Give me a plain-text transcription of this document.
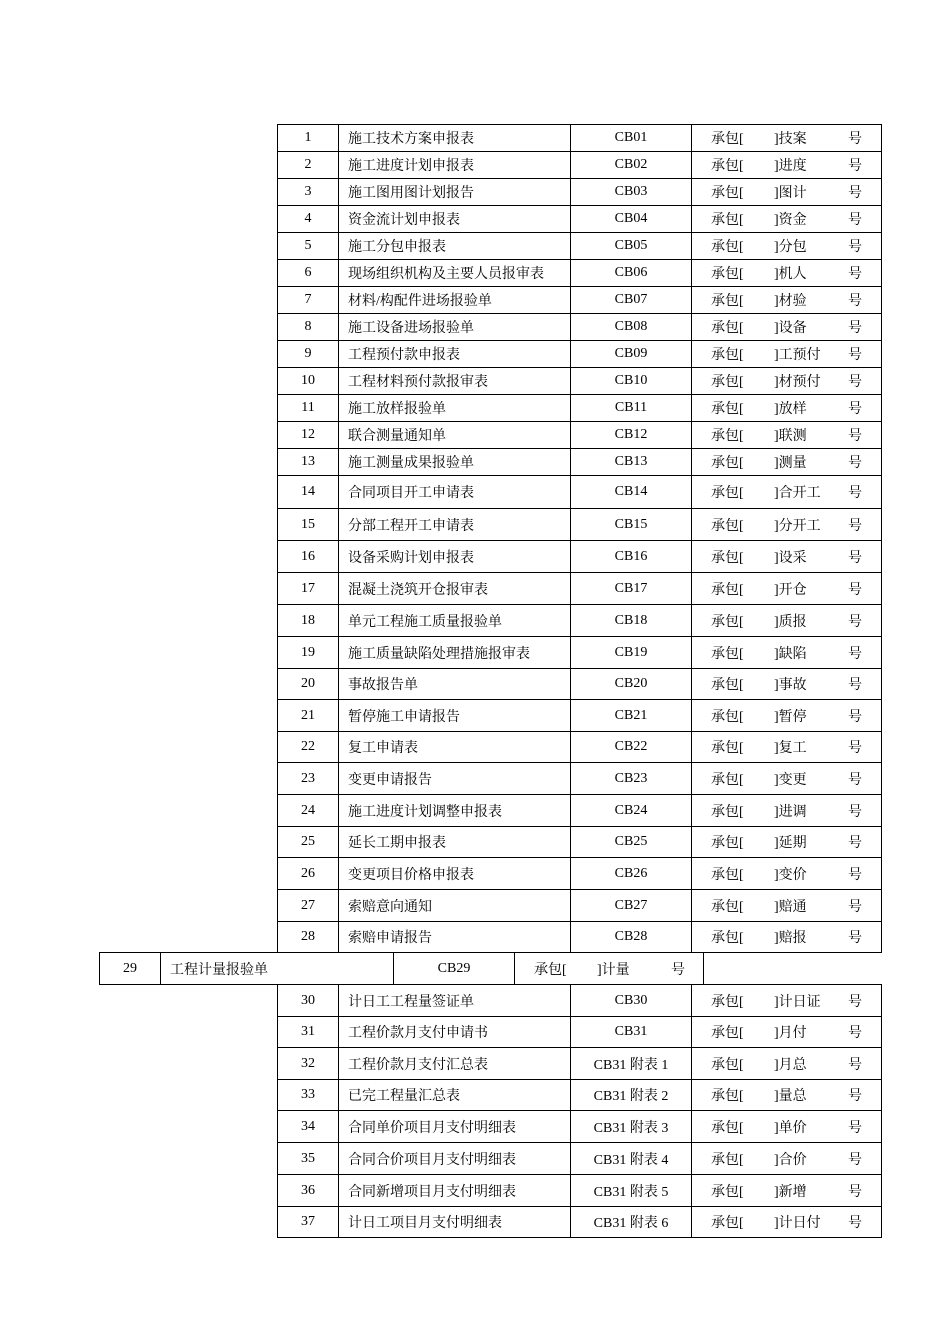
1	施工技术方案申报表	CB01	承包[ ]技案	号
2	施工进度计划申报表	CB02	承包[ ]进度	号
3	施工图用图计划报告	CB03	承包[ ]图计	号
4	资金流计划申报表	CB04	承包[ ]资金	号
5	施工分包申报表	CB05	承包[ ]分包	号
6	现场组织机构及主要人员报审表	CB06	承包[ ]机人	号
7	材料/构配件进场报验单	CB07	承包[ ]材验	号
8	施工设备进场报验单	CB08	承包[ ]设备	号
9	工程预付款申报表	CB09	承包[ ]工预付 号
10	工程材料预付款报审表	CB10	承包[ ]材预付 号
11	施工放样报验单	CB11	承包[ ]放样	号
12	联合测量通知单	CB12	承包[ ]联测	号
13	施工测量成果报验单	CB13	承包[ ]测量	号
14	合同项目开工申请表	CB14	承包[ ]合开工 号
15	分部工程开工申请表	CB15	承包[ ]分开工 号
16	设备采购计划申报表	CB16	承包[ ]设采	号
17	混凝土浇筑开仓报审表	CB17	承包[ ]开仓	号
18	单元工程施工质量报验单	CB18	承包[ ]质报	号
19	施工质量缺陷处理措施报审表	CB19	承包[ ]缺陷	号
20	事故报告单	CB20	承包[ ]事故	号
21	暂停施工申请报告	CB21	承包[ ]暂停	号
22	复工申请表	CB22	承包[ ]复工	号
23	变更申请报告	CB23	承包[ ]变更	号
24	施工进度计划调整申报表	CB24	承包[ ]进调	号
25	延长工期申报表	CB25	承包[ ]延期	号
26	变更项目价格申报表	CB26	承包[ ]变价	号
27	索赔意向通知	CB27	承包[ ]赔通	号
28	索赔申请报告	CB28	承包[ ]赔报	号
29	工程计量报验单	CB29	承包[ ]计量	号
30	计日工工程量签证单	CB30	承包[ ]计日证 号
31	工程价款月支付申请书	CB31	承包[ ]月付	号
32	工程价款月支付汇总表	CB31 附表 1	承包[ ]月总	号
33	已完工程量汇总表	CB31 附表 2	承包[ ]量总	号
34	合同单价项目月支付明细表	CB31 附表 3	承包[ ]单价	号
35	合同合价项目月支付明细表	CB31 附表 4	承包[ ]合价	号
36	合同新增项目月支付明细表	CB31 附表 5	承包[ ]新增	号
37	计日工项目月支付明细表	CB31 附表 6	承包[ ]计日付 号
